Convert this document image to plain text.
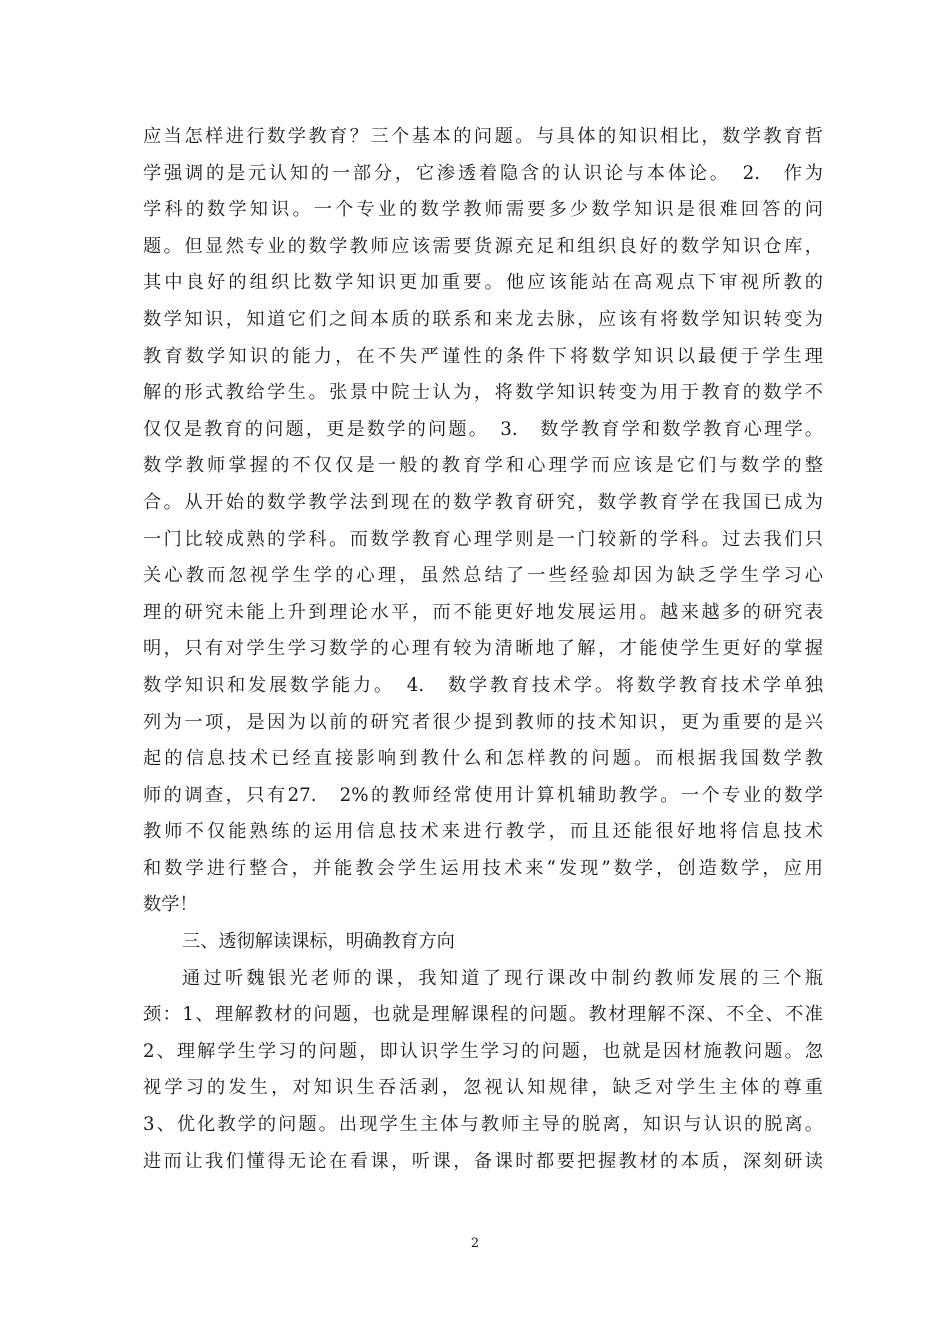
应当怎样进行数学教育？三个基本的问题。与具体的知识相比，数学教育哲
学强调的是元认知的一部分，它渗透着隐含的认识论与本体论。　2.　作为
学科的数学知识。一个专业的数学教师需要多少数学知识是很难回答的问
题。但显然专业的数学教师应该需要货源充足和组织良好的数学知识仓库，
其中良好的组织比数学知识更加重要。他应该能站在高观点下审视所教的
数学知识，知道它们之间本质的联系和来龙去脉，应该有将数学知识转变为
教育数学知识的能力，在不失严谨性的条件下将数学知识以最便于学生理
解的形式教给学生。张景中院士认为，将数学知识转变为用于教育的数学不
仅仅是教育的问题，更是数学的问题。　3.　数学教育学和数学教育心理学。
数学教师掌握的不仅仅是一般的教育学和心理学而应该是它们与数学的整
合。从开始的数学教学法到现在的数学教育研究，数学教育学在我国已成为
一门比较成熟的学科。而数学教育心理学则是一门较新的学科。过去我们只
关心教而忽视学生学的心理，虽然总结了一些经验却因为缺乏学生学习心
理的研究未能上升到理论水平，而不能更好地发展运用。越来越多的研究表
明，只有对学生学习数学的心理有较为清晰地了解，才能使学生更好的掌握
数学知识和发展数学能力。　4.　数学教育技术学。将数学教育技术学单独
列为一项，是因为以前的研究者很少提到教师的技术知识，更为重要的是兴
起的信息技术已经直接影响到教什么和怎样教的问题。而根据我国数学教
师的调查，只有27.　2%的教师经常使用计算机辅助教学。一个专业的数学
教师不仅能熟练的运用信息技术来进行教学，而且还能很好地将信息技术
和数学进行整合，并能教会学生运用技术来“发现”数学，创造数学，应用
数学！
三、透彻解读课标，明确教育方向
通过听魏银光老师的课，我知道了现行课改中制约教师发展的三个瓶
颈：1、理解教材的问题，也就是理解课程的问题。教材理解不深、不全、不准
2、理解学生学习的问题，即认识学生学习的问题，也就是因材施教问题。忽
视学习的发生，对知识生吞活剥，忽视认知规律，缺乏对学生主体的尊重
3、优化教学的问题。出现学生主体与教师主导的脱离，知识与认识的脱离。
进而让我们懂得无论在看课，听课，备课时都要把握教材的本质，深刻研读
2
